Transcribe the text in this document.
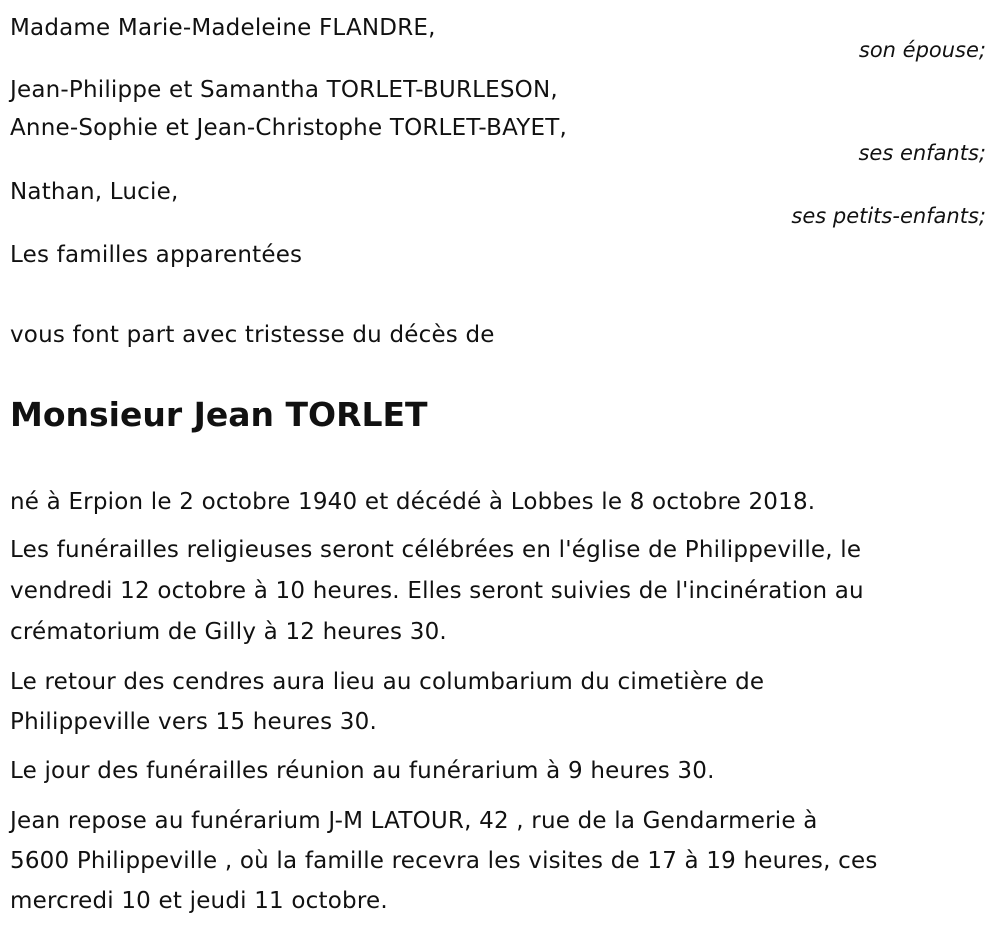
Madame Marie-Madeleine FLANDRE,
son épouse;
Jean-Philippe et Samantha TORLET-BURLESON,
Anne-Sophie et Jean-Christophe TORLET-BAYET,
ses enfants;
Nathan, Lucie,
ses petits-enfants;
Les familles apparentées
vous font part avec tristesse du décès de
Monsieur Jean TORLET
né à Erpion le 2 octobre 1940 et décédé à Lobbes le 8 octobre 2018.
Les funérailles religieuses seront célébrées en l'église de Philippeville, le
vendredi 12 octobre à 10 heures. Elles seront suivies de l'incinération au
crématorium de Gilly à 12 heures 30.
Le retour des cendres aura lieu au columbarium du cimetière de
Philippeville vers 15 heures 30.
Le jour des funérailles réunion au funérarium à 9 heures 30.
Jean repose au funérarium J-M LATOUR, 42 , rue de la Gendarmerie à
5600 Philippeville , où la famille recevra les visites de 17 à 19 heures, ces
mercredi 10 et jeudi 11 octobre.
